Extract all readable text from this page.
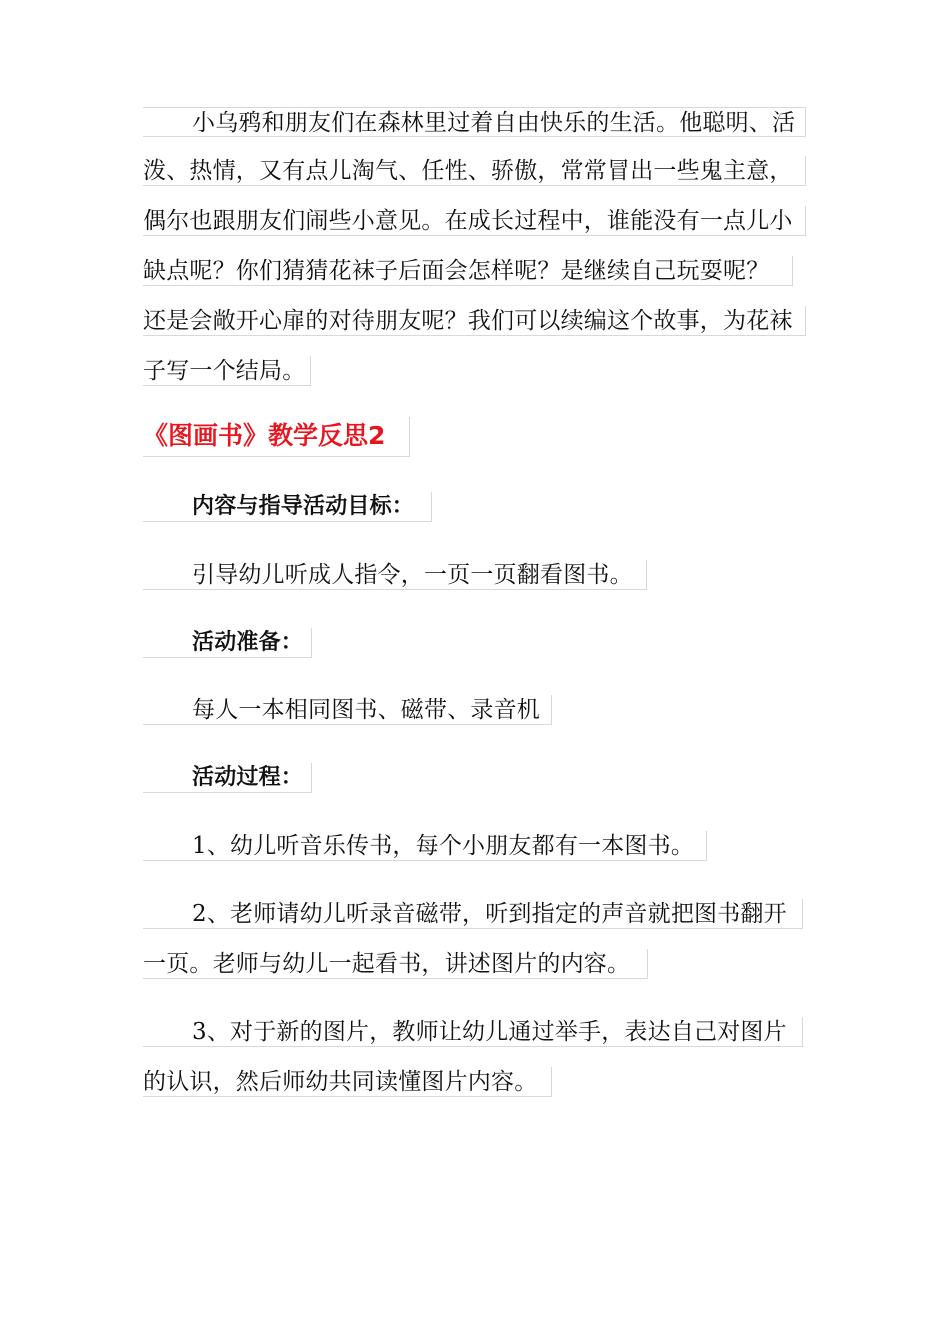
小乌鸦和朋友们在森林里过着自由快乐的生活。他聪明、活
泼、热情，又有点儿淘气、任性、骄傲，常常冒出一些鬼主意，
偶尔也跟朋友们闹些小意见。在成长过程中，谁能没有一点儿小
缺点呢？你们猜猜花袜子后面会怎样呢？是继续自己玩耍呢？
还是会敞开心扉的对待朋友呢？我们可以续编这个故事，为花袜
子写一个结局。
《图画书》教学反思2
内容与指导活动目标：
引导幼儿听成人指令，一页一页翻看图书。
活动准备：
每人一本相同图书、磁带、录音机
活动过程：
1、幼儿听音乐传书，每个小朋友都有一本图书。
2、老师请幼儿听录音磁带，听到指定的声音就把图书翻开
一页。老师与幼儿一起看书，讲述图片的内容。
3、对于新的图片，教师让幼儿通过举手，表达自己对图片
的认识，然后师幼共同读懂图片内容。
